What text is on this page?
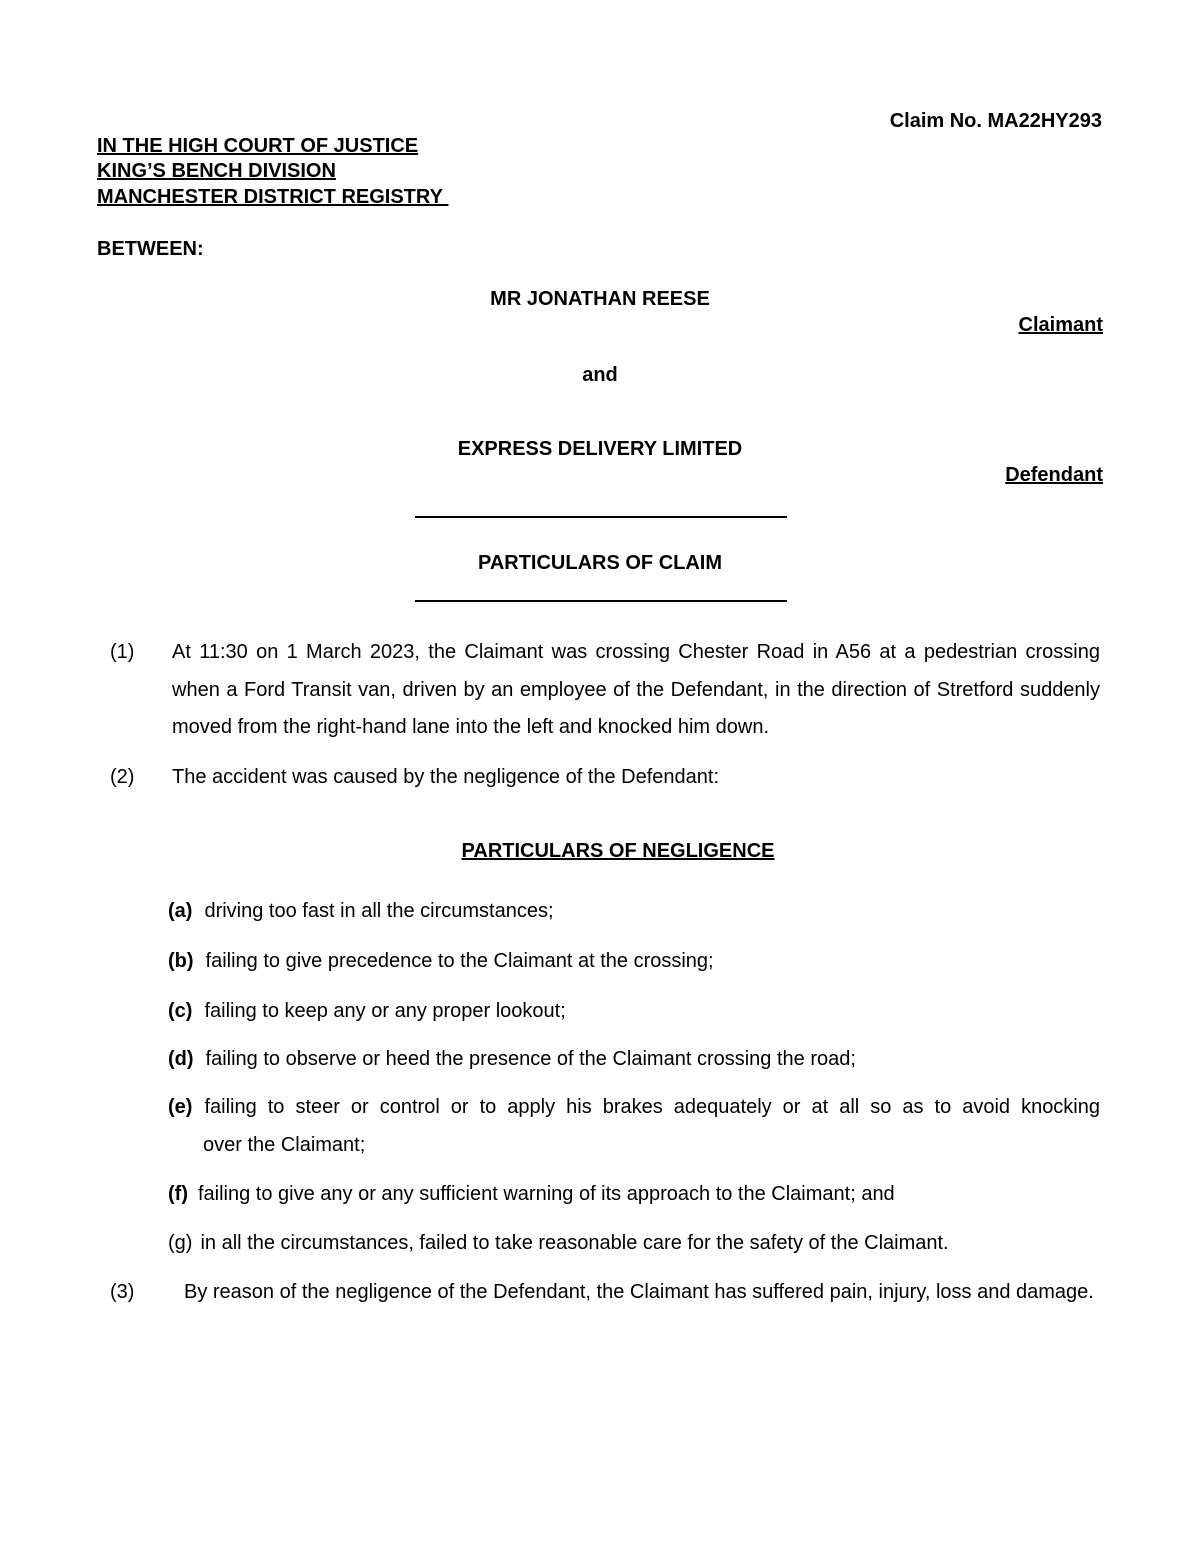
Claim No. MA22HY293
IN THE HIGH COURT OF JUSTICE
KING’S BENCH DIVISION
MANCHESTER DISTRICT REGISTRY
BETWEEN:
MR JONATHAN REESE
Claimant
and
EXPRESS DELIVERY LIMITED
Defendant
PARTICULARS OF CLAIM
(1) At 11:30 on 1 March 2023, the Claimant was crossing Chester Road in A56 at a pedestrian crossing when a Ford Transit van, driven by an employee of the Defendant, in the direction of Stretford suddenly moved from the right-hand lane into the left and knocked him down.
(2) The accident was caused by the negligence of the Defendant:
PARTICULARS OF NEGLIGENCE
(a) driving too fast in all the circumstances;
(b) failing to give precedence to the Claimant at the crossing;
(c) failing to keep any or any proper lookout;
(d) failing to observe or heed the presence of the Claimant crossing the road;
(e) failing to steer or control or to apply his brakes adequately or at all so as to avoid knocking
over the Claimant;
(f) failing to give any or any sufficient warning of its approach to the Claimant; and
(g) in all the circumstances, failed to take reasonable care for the safety of the Claimant.
(3)	By reason of the negligence of the Defendant, the Claimant has suffered pain, injury, loss and damage.
